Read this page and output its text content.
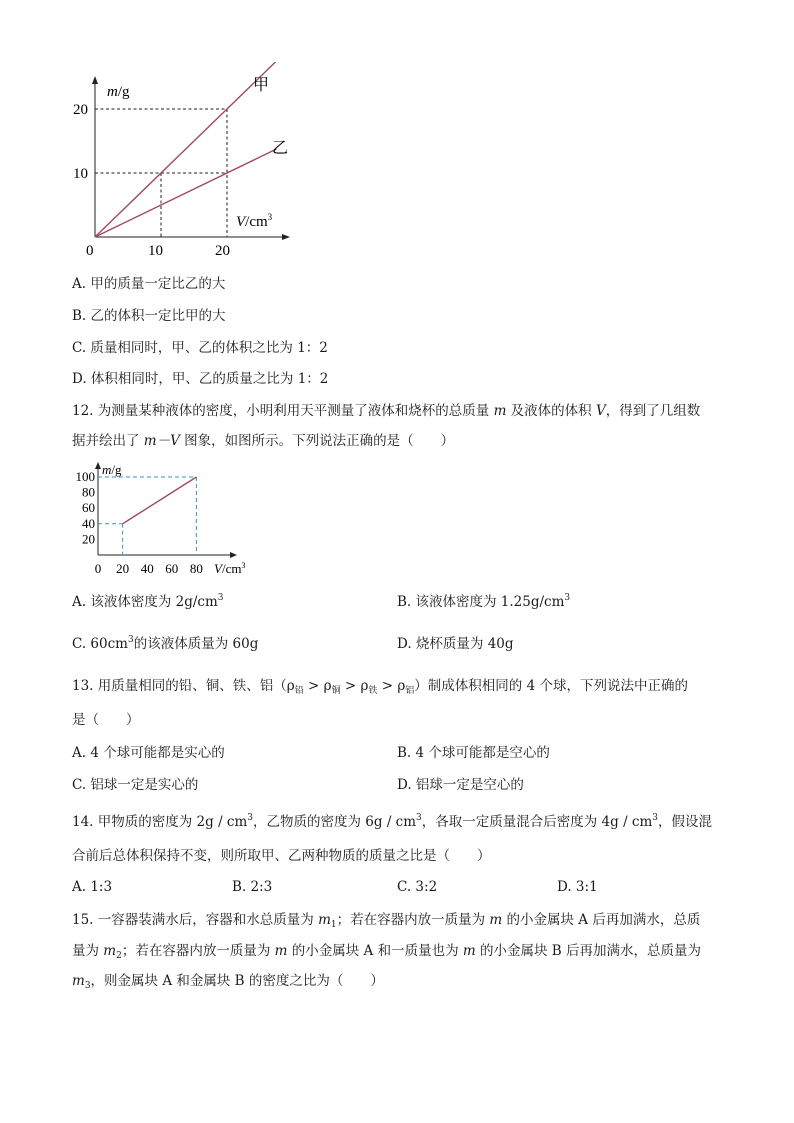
m/g
20
10
0	10	20
$V/cm^3$
甲
乙
A. 甲的质量一定比乙的大
B. 乙的体积一定比甲的大
C. 质量相同时，甲、乙的体积之比为 1：2
D. 体积相同时，甲、乙的质量之比为 1：2
12. 为测量某种液体的密度，小明利用天平测量了液体和烧杯的总质量 m 及液体的体积 V，得到了几组数
据并绘出了 m－V 图象，如图所示。下列说法正确的是（　　）
m/g
100
80
60
40
20
0 20 40 60 80 $V/cm^3$
A. 该液体密度为 $2g/cm^3$	B. 该液体密度为 $1.25g/cm^3$
C. $60cm^3$的该液体质量为 60g	D. 烧杯质量为 40g
13. 用质量相同的铅、铜、铁、铝$(\rho_铅 > \rho_铜 > \rho_铁 > \rho_铝)$制成体积相同的 4 个球，下列说法中正确的
是（　　）
A. 4 个球可能都是实心的	B. 4 个球可能都是空心的
C. 铝球一定是实心的	D. 铝球一定是空心的
14. 甲物质的密度为 $2g / cm^3$，乙物质的密度为 $6g / cm^3$，各取一定质量混合后密度为 $4g / cm^3$，假设混
合前后总体积保持不变，则所取甲、乙两种物质的质量之比是（　　）
A. 1:3	B. 2:3	C. 3:2	D. 3:1
15. 一容器装满水后，容器和水总质量为 $m_1$；若在容器内放一质量为 m 的小金属块 A 后再加满水，总质
量为 $m_2$；若在容器内放一质量为 m 的小金属块 A 和一质量也为 m 的小金属块 B 后再加满水，总质量为
$m_3$，则金属块 A 和金属块 B 的密度之比为（　　）
